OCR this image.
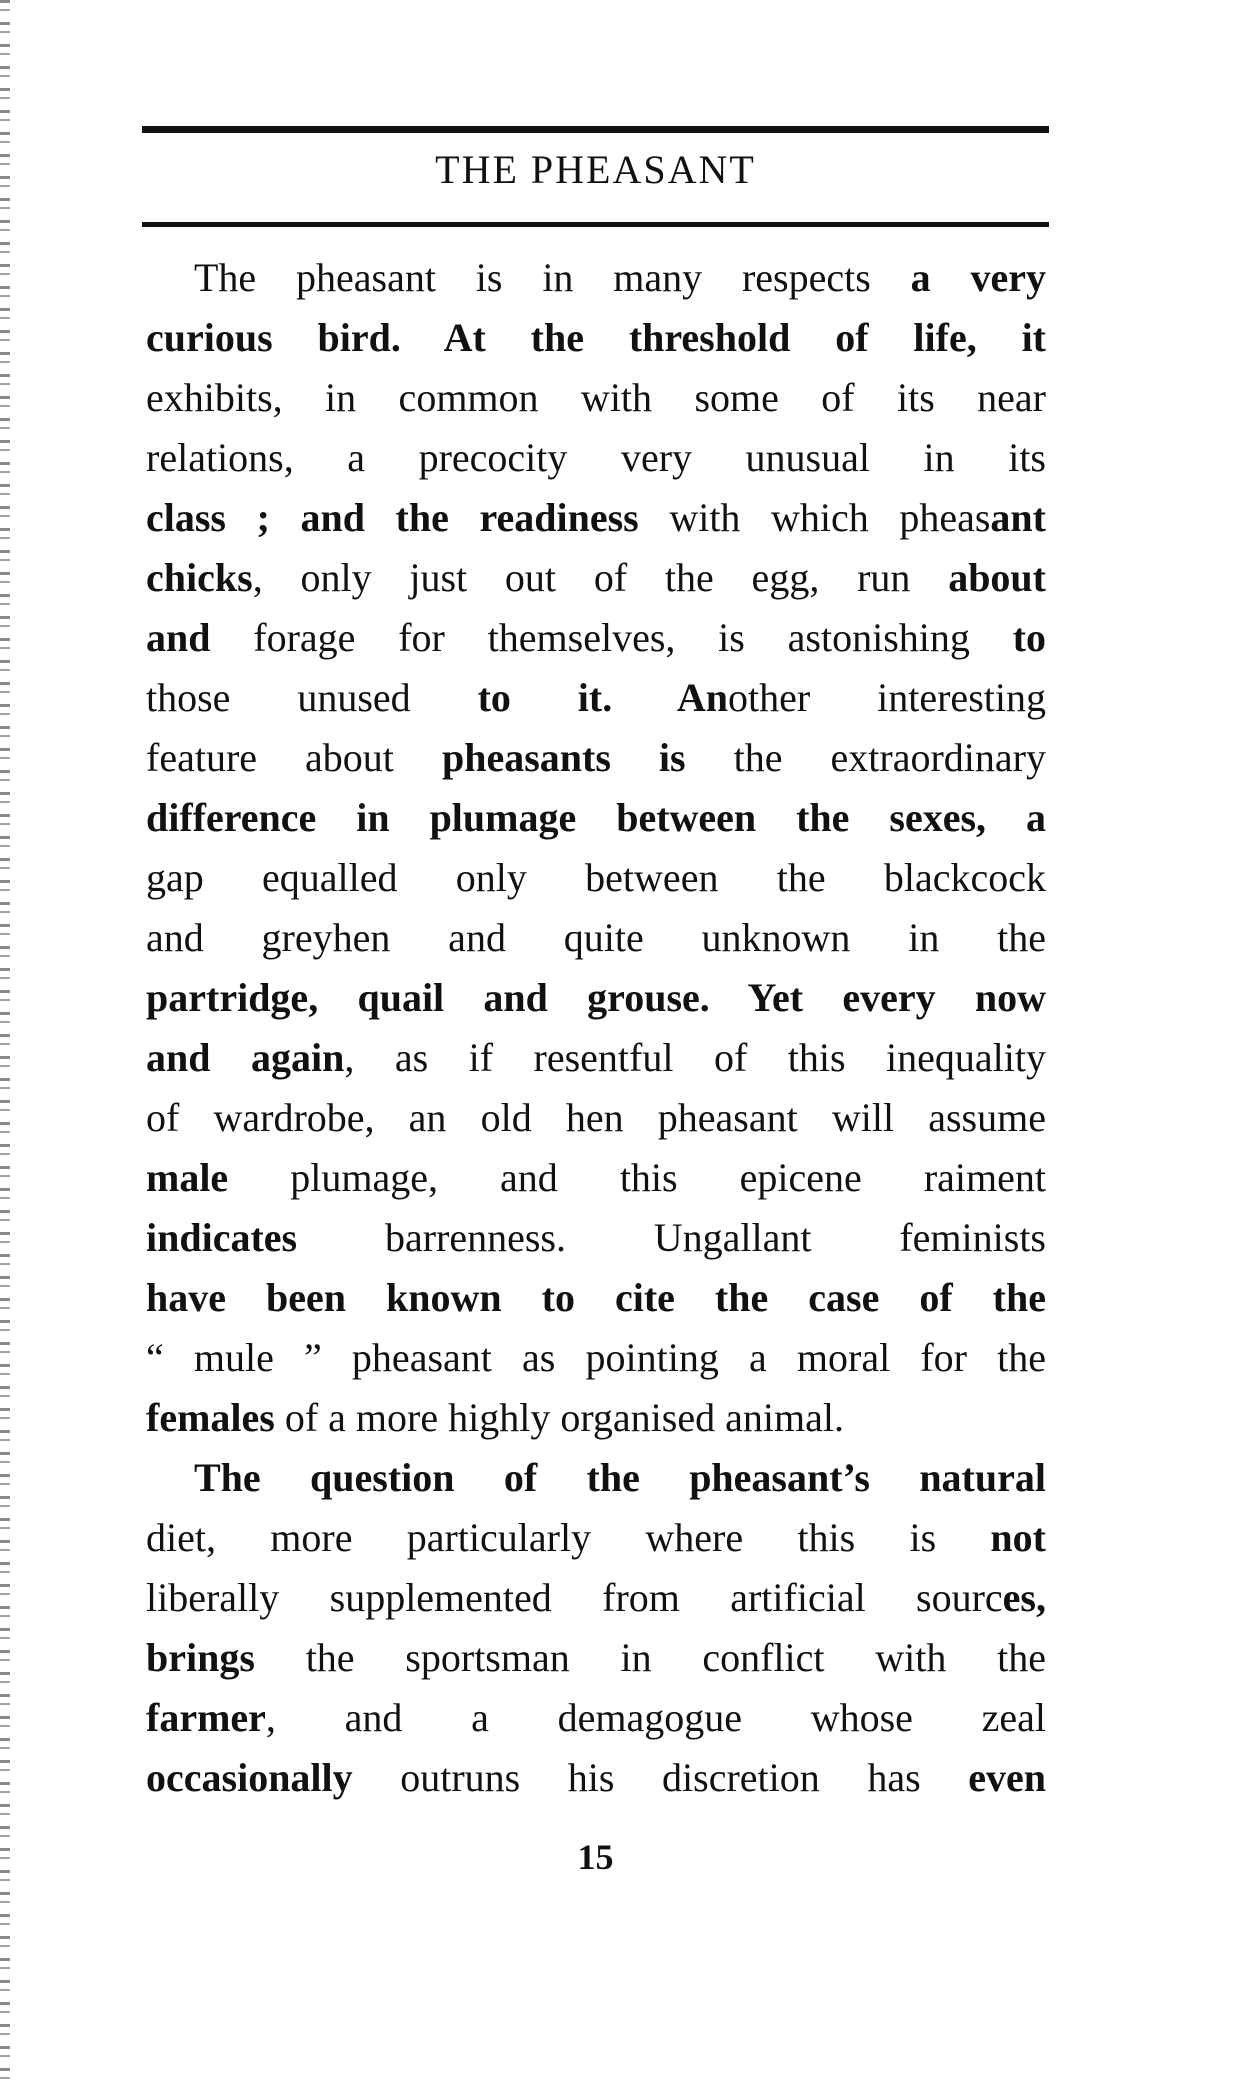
THE PHEASANT
The pheasant is in many respects a very
curious bird. At the threshold of life, it
exhibits, in common with some of its near
relations, a precocity very unusual in its
class ; and the readiness with which pheasant
chicks, only just out of the egg, run about
and forage for themselves, is astonishing to
those unused to it. Another interesting
feature about pheasants is the extraordinary
difference in plumage between the sexes, a
gap equalled only between the blackcock
and greyhen and quite unknown in the
partridge, quail and grouse. Yet every now
and again, as if resentful of this inequality
of wardrobe, an old hen pheasant will assume
male plumage, and this epicene raiment
indicates barrenness. Ungallant feminists
have been known to cite the case of the
“ mule ” pheasant as pointing a moral for the
females of a more highly organised animal.
The question of the pheasant’s natural
diet, more particularly where this is not
liberally supplemented from artificial sources,
brings the sportsman in conflict with the
farmer, and a demagogue whose zeal
occasionally outruns his discretion has even
15
